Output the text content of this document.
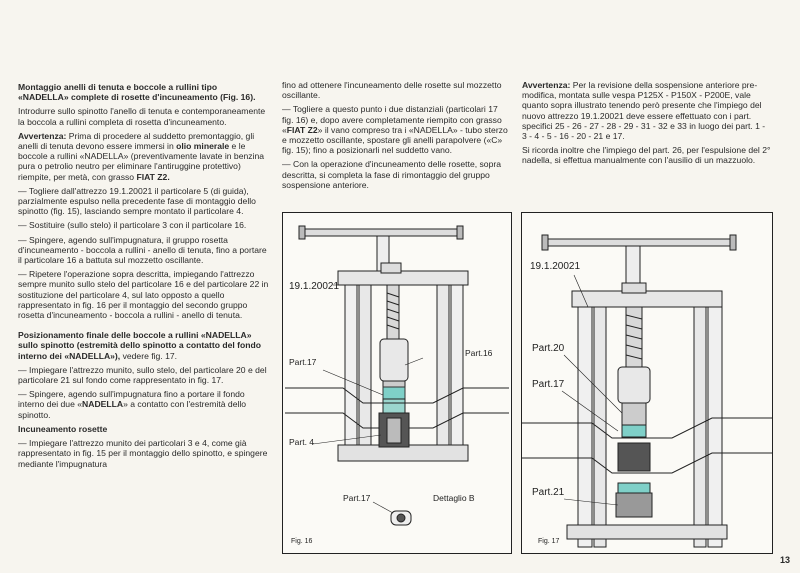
Montaggio anelli di tenuta e boccole a rullini tipo «NADELLA» complete di rosette d'incuneamento (Fig. 16).

Introdurre sullo spinotto l'anello di tenuta e contemporaneamente la boccola a rullini completa di rosetta d'incuneamento.

Avvertenza: Prima di procedere al suddetto premontaggio, gli anelli di tenuta devono essere immersi in olio minerale e le boccole a rullini «NADELLA» (preventivamente lavate in benzina pura o petrolio neutro per eliminare l'antiruggine protettivo) riempite, per metà, con grasso FIAT Z2.

— Togliere dall'attrezzo 19.1.20021 il particolare 5 (di guida), parzialmente espulso nella precedente fase di montaggio dello spinotto (fig. 15), lasciando sempre montato il particolare 4.

— Sostituire (sullo stelo) il particolare 3 con il particolare 16.

— Spingere, agendo sull'impugnatura, il gruppo rosetta d'incuneamento - boccola a rullini - anello di tenuta, fino a portare il particolare 16 a battuta sul mozzetto oscillante.

— Ripetere l'operazione sopra descritta, impiegando l'attrezzo sempre munito sullo stelo del particolare 16 e del particolare 22 in sostituzione del particolare 4, sul lato opposto a quello rappresentato in fig. 16 per il montaggio del secondo gruppo rosetta d'incuneamento - boccola a rullini - anello di tenuta.

Posizionamento finale delle boccole a rullini «NADELLA» sullo spinotto (estremità dello spinotto a contatto del fondo interno dei «NADELLA»), vedere fig. 17.

— Impiegare l'attrezzo munito, sullo stelo, del particolare 20 e del particolare 21 sul fondo come rappresentato in fig. 17.

— Spingere, agendo sull'impugnatura fino a portare il fondo interno dei due «NADELLA» a contatto con l'estremità dello spinotto.

Incuneamento rosette

— Impiegare l'attrezzo munito dei particolari 3 e 4, come già rappresentato in fig. 15 per il montaggio dello spinotto, e spingere mediante l'impugnatura

fino ad ottenere l'incuneamento delle rosette sul mozzetto oscillante.

— Togliere a questo punto i due distanziali (particolari 17 fig. 16) e, dopo avere completamente riempito con grasso «FIAT Z2» il vano compreso tra i «NADELLA» - tubo sterzo e mozzetto oscillante, spostare gli anelli parapolvere («C» fig. 15); fino a posizionarli nel suddetto vano.

— Con la operazione d'incuneamento delle rosette, sopra descritta, si completa la fase di rimontaggio del gruppo sospensione anteriore.

Avvertenza: Per la revisione della sospensione anteriore pre-modifica, montata sulle vespa P125X - P150X - P200E, vale quanto sopra illustrato tenendo però presente che l'impiego del nuovo attrezzo 19.1.20021 deve essere effettuato con i part. specifici 25 - 26 - 27 - 28 - 29 - 31 - 32 e 33 in luogo dei part. 1 - 3 - 4 - 5 - 16 - 20 - 21 e 17.

Si ricorda inoltre che l'impiego del part. 26, per l'espulsione del 2° nadella, si effettua manualmente con l'ausilio di un mazzuolo.

19.1.20021
Part.16
Part.17
Part. 4
Part.17	Dettaglio B
Fig. 16
19.1.20021
Part.20
Part.17
Part.21
Fig. 17
13
